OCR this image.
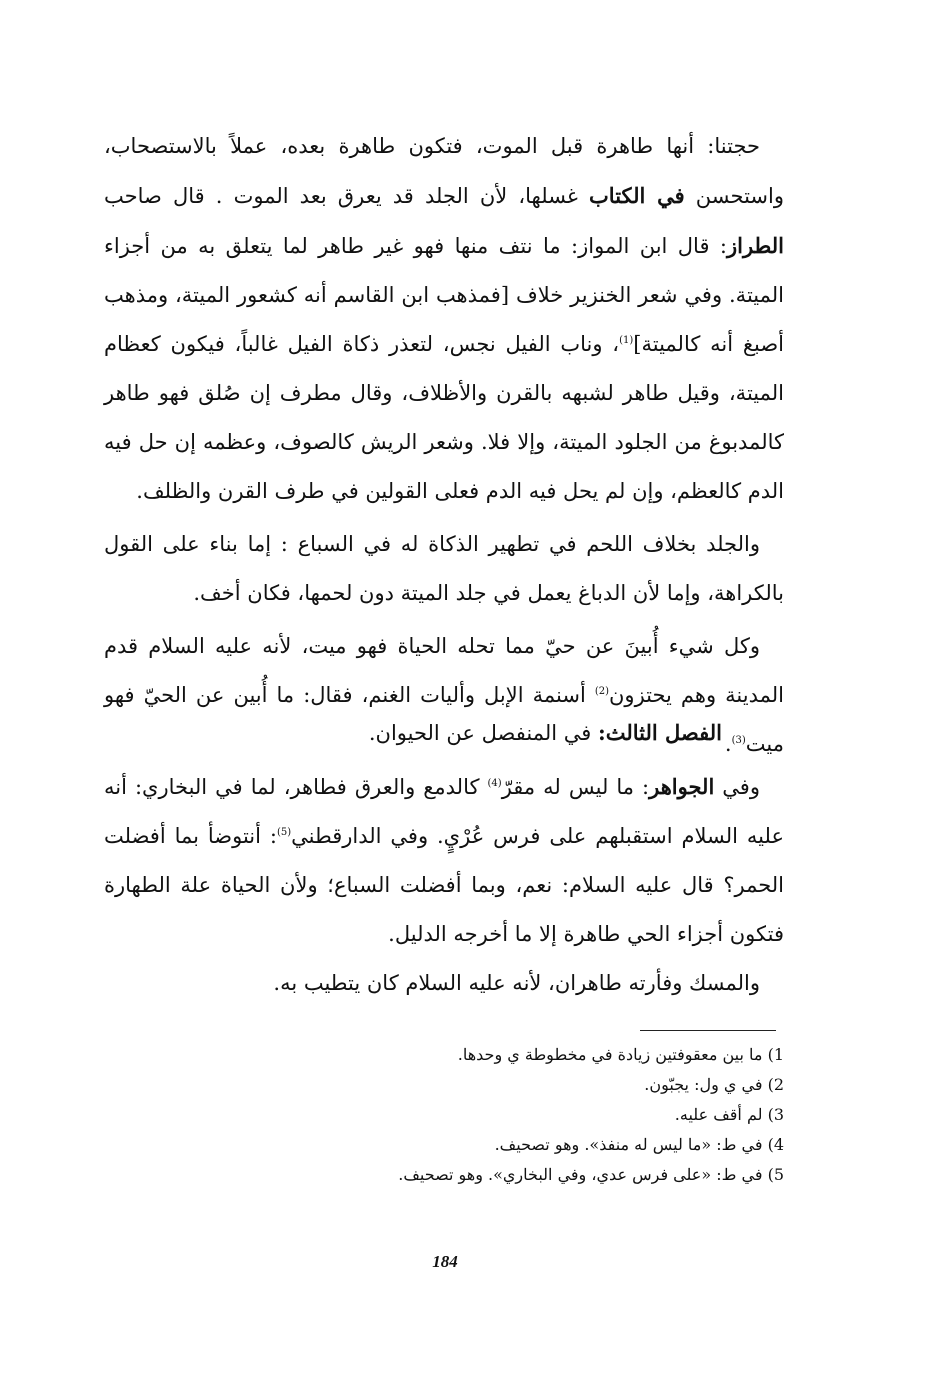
حجتنا: أنها طاهرة قبل الموت، فتكون طاهرة بعده، عملاً بالاستصحاب، واستحسن في الكتاب غسلها، لأن الجلد قد يعرق بعد الموت . قال صاحب الطراز: قال ابن المواز: ما نتف منها فهو غير طاهر لما يتعلق به من أجزاء الميتة. وفي شعر الخنزير خلاف [فمذهب ابن القاسم أنه كشعور الميتة، ومذهب أصبغ أنه كالميتة]$^{(1)}$، وناب الفيل نجس، لتعذر ذكاة الفيل غالباً، فيكون كعظام الميتة، وقيل طاهر لشبهه بالقرن والأظلاف، وقال مطرف إن صُلق فهو طاهر كالمدبوغ من الجلود الميتة، وإلا فلا. وشعر الريش كالصوف، وعظمه إن حل فيه الدم كالعظم، وإن لم يحل فيه الدم فعلى القولين في طرف القرن والظلف.

والجلد بخلاف اللحم في تطهير الذكاة له في السباع : إما بناء على القول بالكراهة، وإما لأن الدباغ يعمل في جلد الميتة دون لحمها، فكان أخف.

وكل شيء أُبينَ عن حيّ مما تحله الحياة فهو ميت، لأنه عليه السلام قدم المدينة وهم يحتزون$^{(2)}$ أسنمة الإبل وأليات الغنم، فقال: ما أُبين عن الحيّ فهو ميت$^{(3)}$.

الفصل الثالث: في المنفصل عن الحيوان.

وفي الجواهر: ما ليس له مقرّ$^{(4)}$ كالدمع والعرق فطاهر، لما في البخاري: أنه عليه السلام استقبلهم على فرس عُرْيٍ. وفي الدارقطني$^{(5)}$: أنتوضأ بما أفضلت الحمر؟ قال عليه السلام: نعم، وبما أفضلت السباع؛ ولأن الحياة علة الطهارة فتكون أجزاء الحي طاهرة إلا ما أخرجه الدليل.

والمسك وفأرته طاهران، لأنه عليه السلام كان يتطيب به.

1) ما بين معقوفتين زيادة في مخطوطة ي وحدها.
2) في ي ول: يجبّون.
3) لم أقف عليه.
4) في ط: «ما ليس له منفذ». وهو تصحيف.
5) في ط: «على فرس عدي، وفي البخاري». وهو تصحيف.
184
